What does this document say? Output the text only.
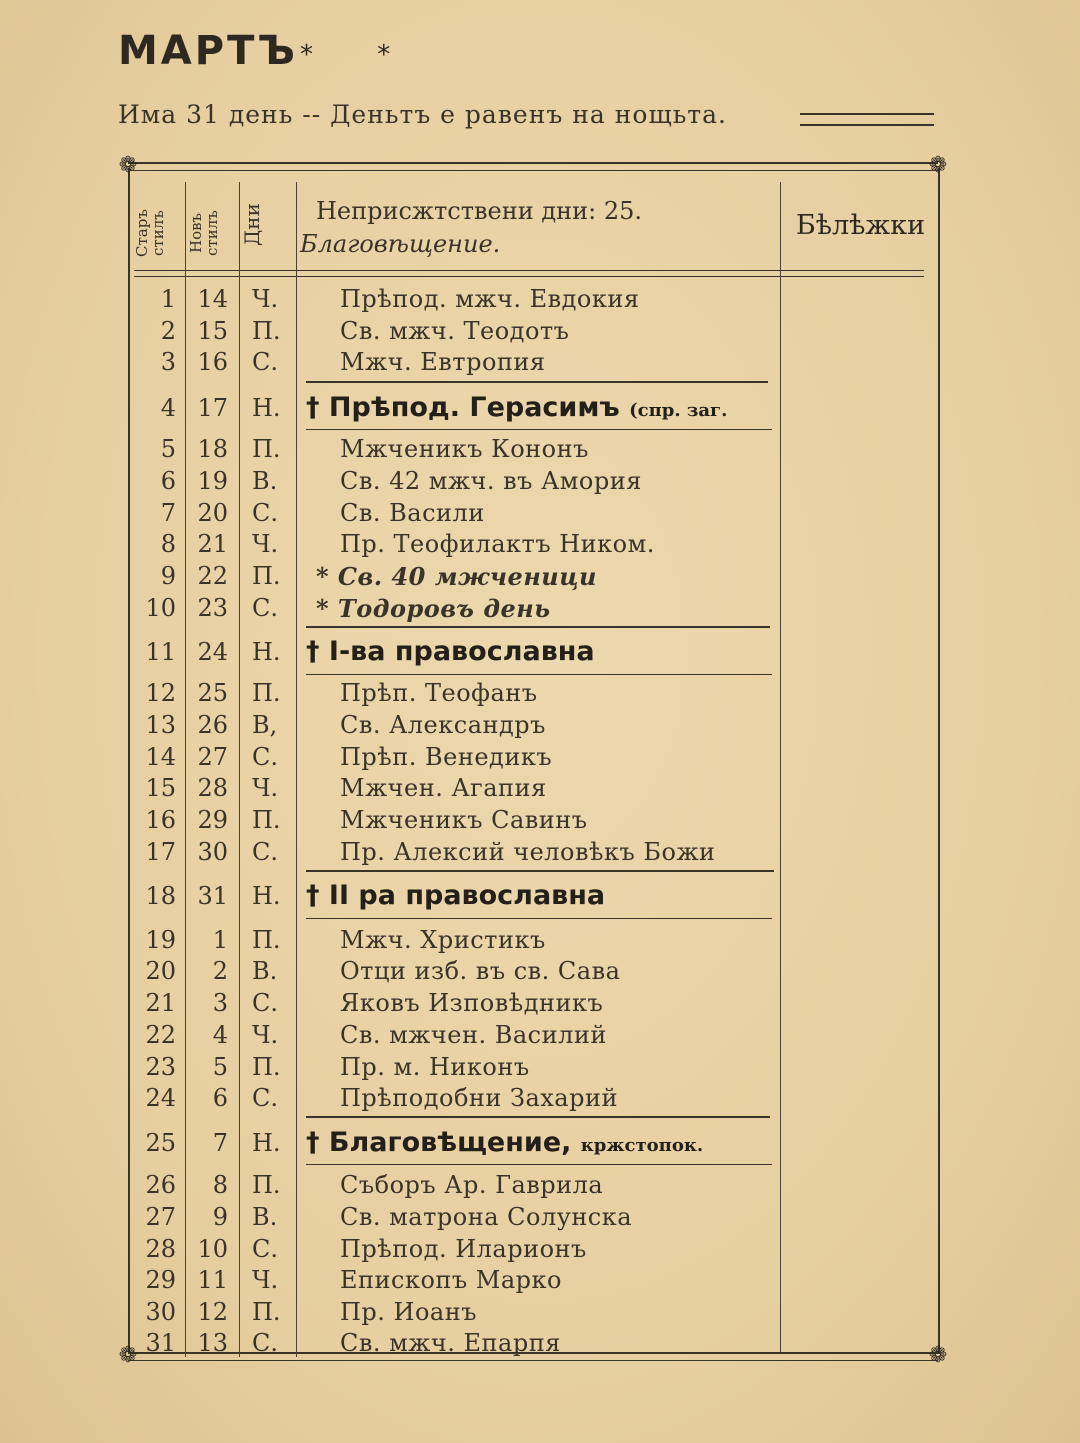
МАРТЪ * *
Има 31 день -- Деньтъ е равенъ на нощьта.
❁	❁
❁	❁
Старъ стилъ	Новъ стилъ Дни	Неприсжтствени дни: 25. Благовѣщение.
Бѣлѣжки
1 14 Ч.	Прѣпод. мжч. Евдокия
2 15 П.	Св. мжч. Теодотъ
3 16 С.	Мжч. Евтропия
4 17 Н. † Прѣпод. Герасимъ (спр. заг.
5 18 П.	Мжченикъ Кононъ
6 19 В.	Св. 42 мжч. въ Амория
7 20 С.	Св. Васили
8 21 Ч.	Пр. Теофилактъ Ником.
9 22 П.	* Св. 40 мжченици
10 23 С.	* Тодоровъ день
11 24 Н. † I-ва православна
12 25 П.	Прѣп. Теофанъ
13 26 В,	Св. Александръ
14 27 С.	Прѣп. Венедикъ
15 28 Ч.	Мжчен. Агапия
16 29 П.	Мжченикъ Савинъ
17 30 С.	Пр. Алексий человѣкъ Божи
18 31 Н. † II ра православна
19	1 П.	Мжч. Христикъ
20	2 В.	Отци изб. въ св. Сава
21	3 С.	Яковъ Изповѣдникъ
22	4 Ч.	Св. мжчен. Василий
23	5 П.	Пр. м. Никонъ
24	6 С.	Прѣподобни Захарий
25	7 Н. † Благовѣщение, кржстопок.
26	8 П.	Съборъ Ар. Гаврила
27	9 В.	Св. матрона Солунска
28 10 С.	Прѣпод. Иларионъ
29 11 Ч.	Епископъ Марко
30 12 П.	Пр. Иоанъ
31 13 С.	Св. мжч. Епарпя
